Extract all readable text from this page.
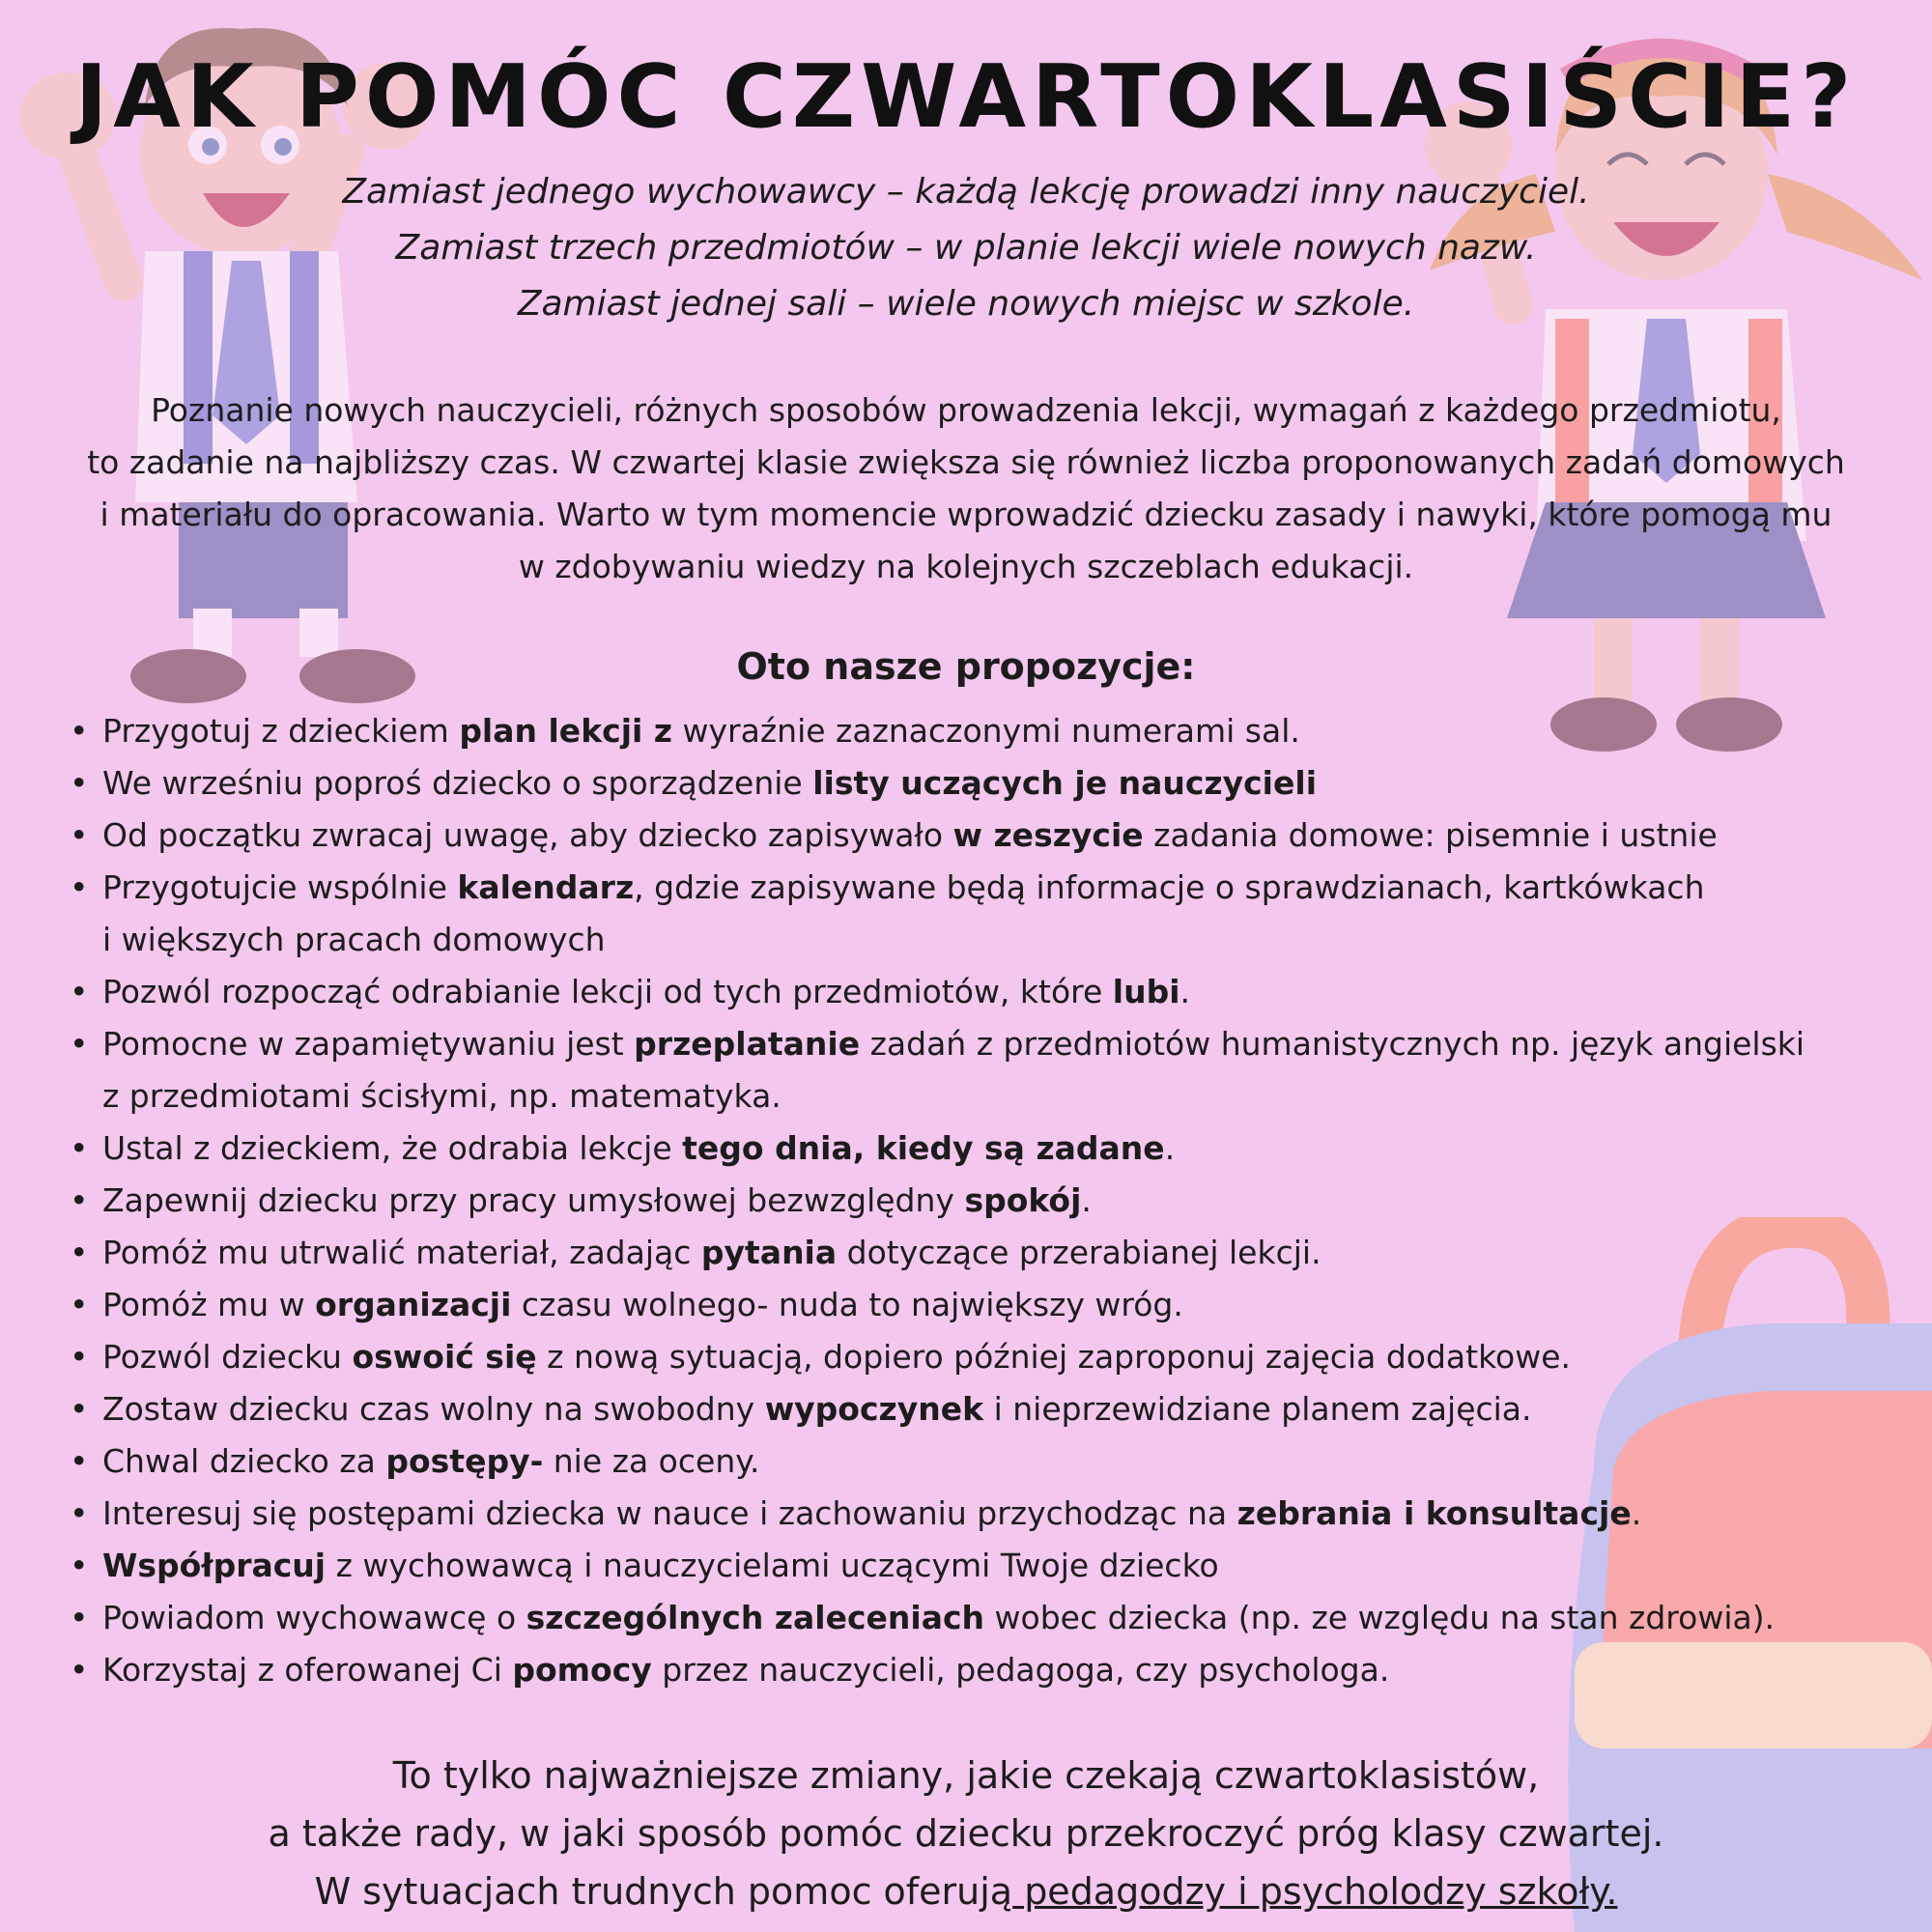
JAK POMÓC CZWARTOKLASIŚCIE?
Zamiast jednego wychowawcy – każdą lekcję prowadzi inny nauczyciel.
Zamiast trzech przedmiotów – w planie lekcji wiele nowych nazw.
Zamiast jednej sali – wiele nowych miejsc w szkole.
Poznanie nowych nauczycieli, różnych sposobów prowadzenia lekcji, wymagań z każdego przedmiotu,
to zadanie na najbliższy czas. W czwartej klasie zwiększa się również liczba proponowanych zadań domowych
i materiału do opracowania. Warto w tym momencie wprowadzić dziecku zasady i nawyki, które pomogą mu
w zdobywaniu wiedzy na kolejnych szczeblach edukacji.
Oto nasze propozycje:
• Przygotuj z dzieckiem plan lekcji z wyraźnie zaznaczonymi numerami sal.
• We wrześniu poproś dziecko o sporządzenie listy uczących je nauczycieli
• Od początku zwracaj uwagę, aby dziecko zapisywało w zeszycie zadania domowe: pisemnie i ustnie
• Przygotujcie wspólnie kalendarz, gdzie zapisywane będą informacje o sprawdzianach, kartkówkach
i większych pracach domowych
• Pozwól rozpocząć odrabianie lekcji od tych przedmiotów, które lubi.
• Pomocne w zapamiętywaniu jest przeplatanie zadań z przedmiotów humanistycznych np. język angielski
z przedmiotami ścisłymi, np. matematyka.
• Ustal z dzieckiem, że odrabia lekcje tego dnia, kiedy są zadane.
• Zapewnij dziecku przy pracy umysłowej bezwzględny spokój.
• Pomóż mu utrwalić materiał, zadając pytania dotyczące przerabianej lekcji.
• Pomóż mu w organizacji czasu wolnego- nuda to największy wróg.
• Pozwól dziecku oswoić się z nową sytuacją, dopiero później zaproponuj zajęcia dodatkowe.
• Zostaw dziecku czas wolny na swobodny wypoczynek i nieprzewidziane planem zajęcia.
• Chwal dziecko za postępy- nie za oceny.
• Interesuj się postępami dziecka w nauce i zachowaniu przychodząc na zebrania i konsultacje.
• Współpracuj z wychowawcą i nauczycielami uczącymi Twoje dziecko
• Powiadom wychowawcę o szczególnych zaleceniach wobec dziecka (np. ze względu na stan zdrowia).
• Korzystaj z oferowanej Ci pomocy przez nauczycieli, pedagoga, czy psychologa.
To tylko najważniejsze zmiany, jakie czekają czwartoklasistów,
a także rady, w jaki sposób pomóc dziecku przekroczyć próg klasy czwartej.
W sytuacjach trudnych pomoc oferują pedagodzy i psycholodzy szkoły.
